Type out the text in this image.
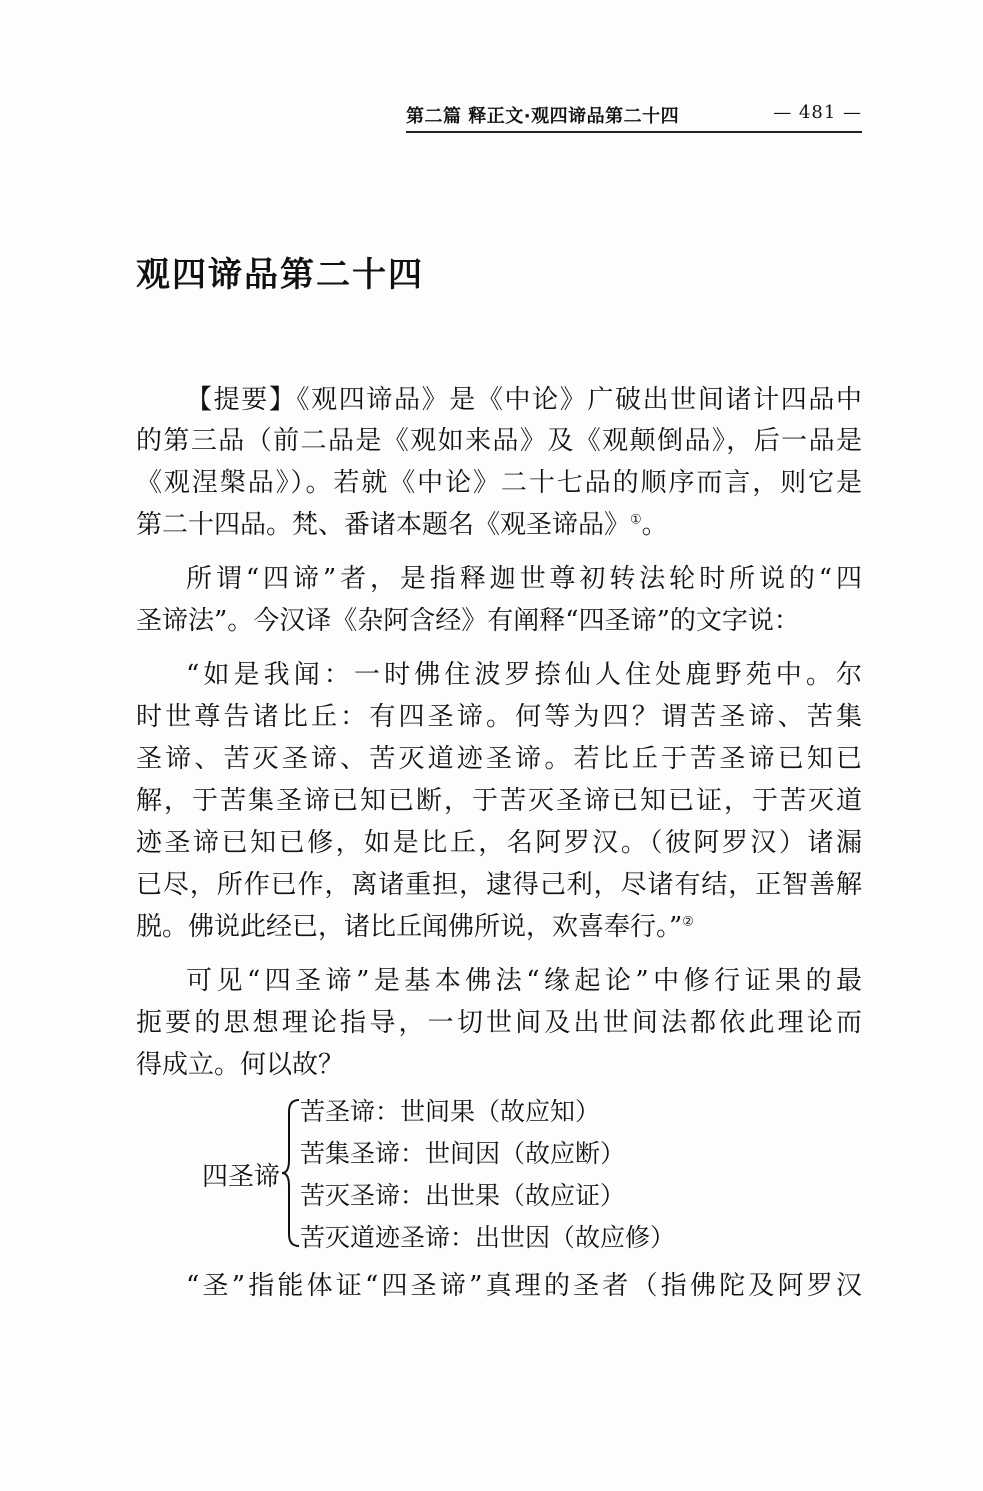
第二篇 释正文·观四谛品第二十四	— 481 —
观四谛品第二十四
【提要】《观四谛品》是《中论》广破出世间诸计四品中
的第三品（前二品是《观如来品》及《观颠倒品》，后一品是
《观涅槃品》）。若就《中论》二十七品的顺序而言，则它是
第二十四品。梵、番诸本题名《观圣谛品》①。
所谓“四谛”者，是指释迦世尊初转法轮时所说的“四
圣谛法”。今汉译《杂阿含经》有阐释“四圣谛”的文字说：
“如是我闻：一时佛住波罗捺仙人住处鹿野苑中。尔
时世尊告诸比丘：有四圣谛。何等为四？谓苦圣谛、苦集
圣谛、苦灭圣谛、苦灭道迹圣谛。若比丘于苦圣谛已知已
解，于苦集圣谛已知已断，于苦灭圣谛已知已证，于苦灭道
迹圣谛已知已修，如是比丘，名阿罗汉。（彼阿罗汉）诸漏
已尽，所作已作，离诸重担，逮得己利，尽诸有结，正智善解
脱。佛说此经已，诸比丘闻佛所说，欢喜奉行。”②
可见“四圣谛”是基本佛法“缘起论”中修行证果的最
扼要的思想理论指导，一切世间及出世间法都依此理论而
得成立。何以故？
四圣谛
苦圣谛：世间果（故应知）
苦集圣谛：世间因（故应断）
苦灭圣谛：出世果（故应证）
苦灭道迹圣谛：出世因（故应修）
“圣”指能体证“四圣谛”真理的圣者（指佛陀及阿罗汉
